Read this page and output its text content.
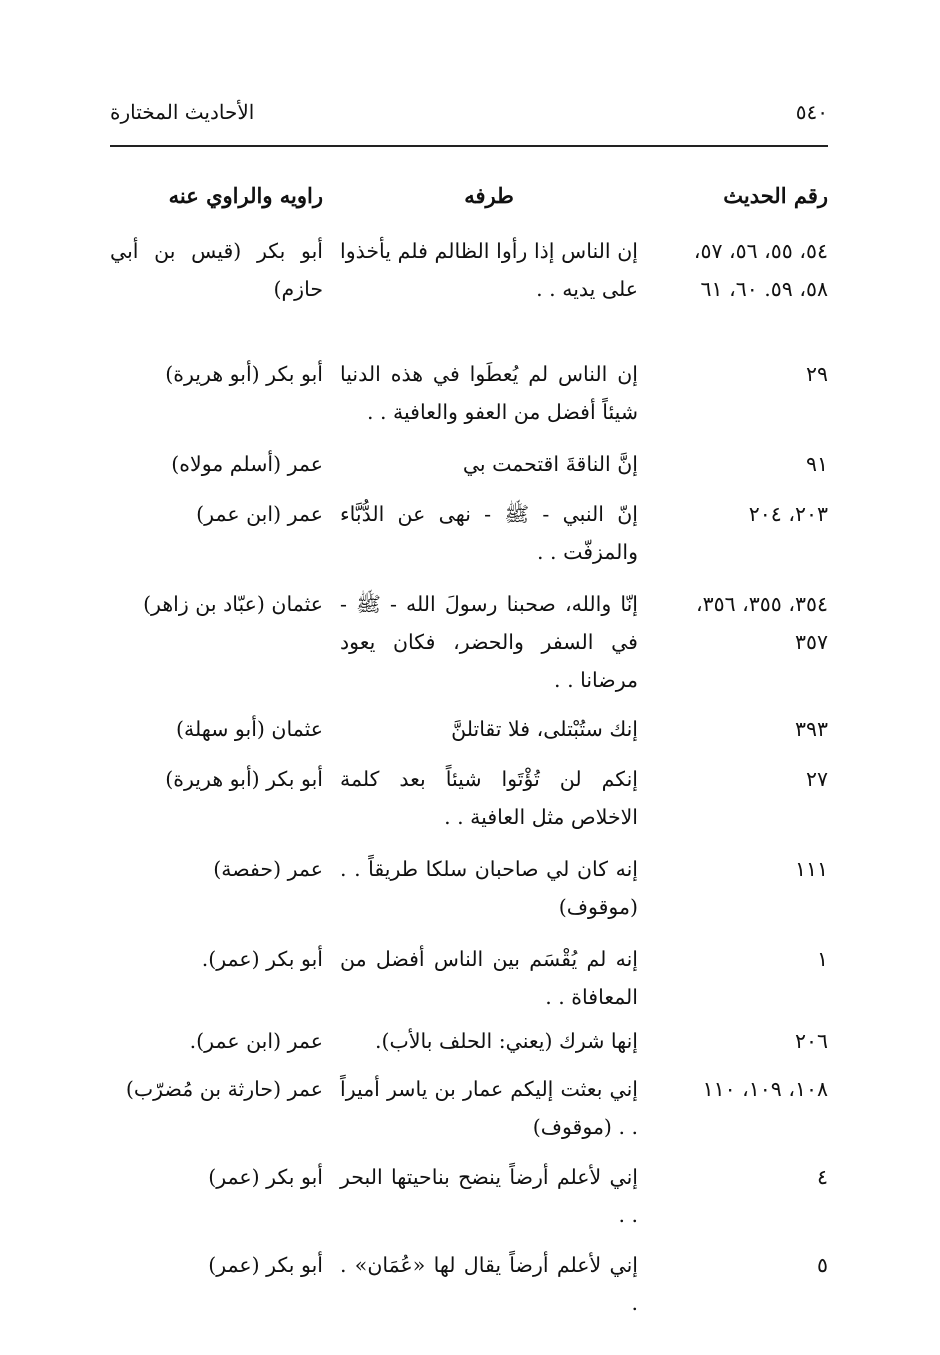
٥٤٠
الأحاديث المختارة
رقم الحديث
طرفه
راويه والراوي عنه
٥٤، ٥٥، ٥٦، ٥٧، ٥٨، ٥٩. ٦٠، ٦١
إن الناس إذا رأوا الظالم فلم يأخذوا على يديه . .
أبو بكر (قيس بن أبي حازم)
٢٩
إن الناس لم يُعطَوا في هذه الدنيا شيئاً أفضل من العفو والعافية . .
أبو بكر (أبو هريرة)
٩١
إنَّ الناقةَ اقتحمت بي
عمر (أسلم مولاه)
٢٠٣، ٢٠٤
إنّ النبي - ﷺ - نهى عن الدُّبَّاء والمزفّت . .
عمر (ابن عمر)
٣٥٤، ٣٥٥، ٣٥٦، ٣٥٧
إنّا والله، صحبنا رسولَ الله - ﷺ - في السفر والحضر، فكان يعود مرضانا . .
عثمان (عبّاد بن زاهر)
٣٩٣
إنك ستُبْتلى، فلا تقاتلنَّ
عثمان (أبو سهلة)
٢٧
إنكم لن تُؤْتَوا شيئاً بعد كلمة الاخلاص مثل العافية . .
أبو بكر (أبو هريرة)
١١١
إنه كان لي صاحبان سلكا طريقاً . . (موقوف)
عمر (حفصة)
١
إنه لم يُقْسَم بين الناس أفضل من المعافاة . .
أبو بكر (عمر).
٢٠٦
إنها شرك (يعني: الحلف بالأب).
عمر (ابن عمر).
١٠٨، ١٠٩، ١١٠
إني بعثت إليكم عمار بن ياسر أميراً . . (موقوف)
عمر (حارثة بن مُضرّب)
٤
إني لأعلم أرضاً ينضح بناحيتها البحر . .
أبو بكر (عمر)
٥
إني لأعلم أرضاً يقال لها «عُمَان» . .
أبو بكر (عمر)
